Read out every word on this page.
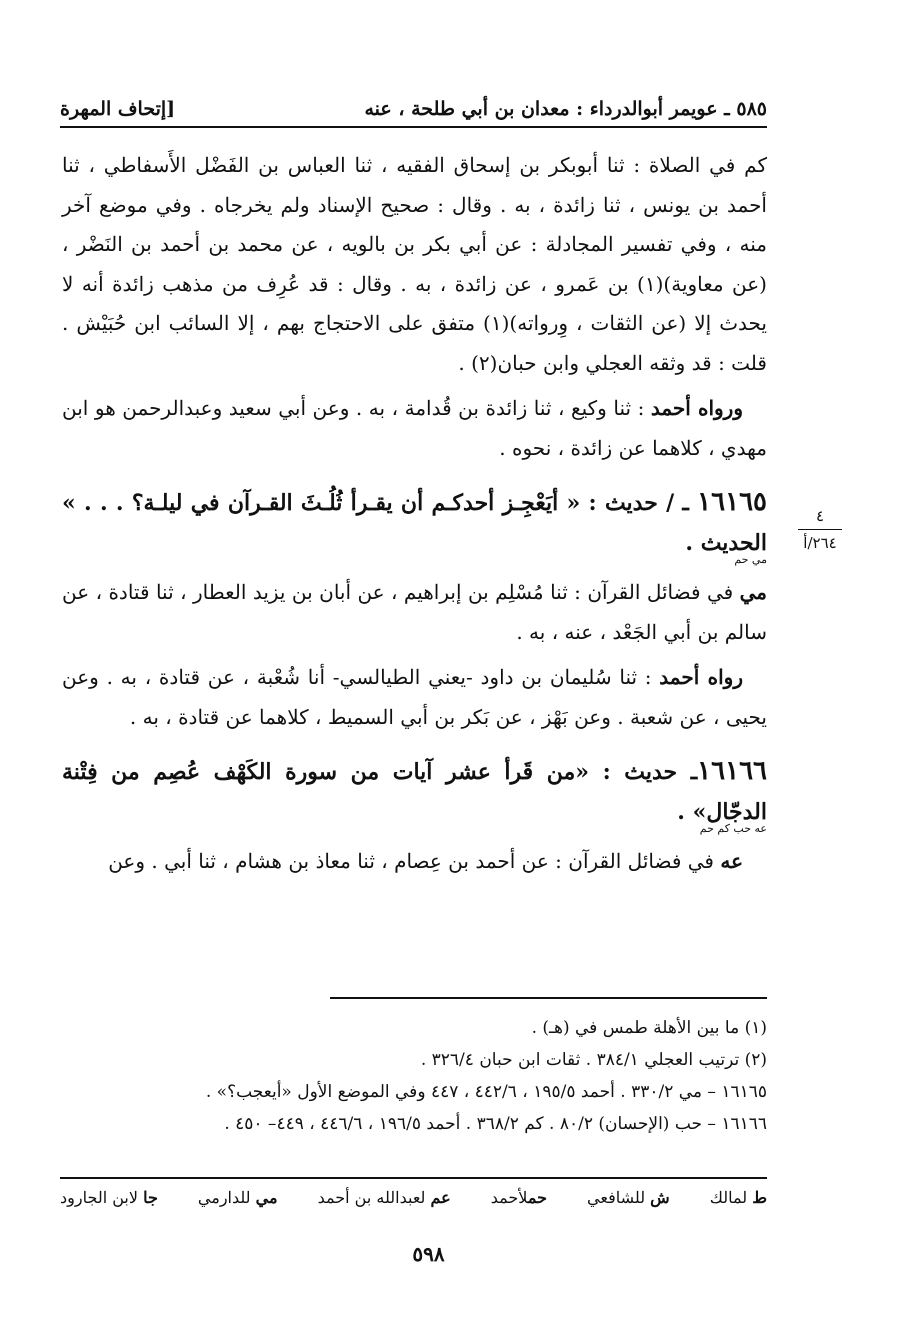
٥٨٥ ـ عويمر أبوالدرداء : معدان بن أبي طلحة ، عنه
[إتحاف المهرة

كم في الصلاة : ثنا أبوبكر بن إسحاق الفقيه ، ثنا العباس بن الفَضْل الأَسفاطي ، ثنا أحمد بن يونس ، ثنا زائدة ، به . وقال : صحيح الإسناد ولم يخرجاه . وفي موضع آخر منه ، وفي تفسير المجادلة : عن أبي بكر بن بالويه ، عن محمد بن أحمد بن النَضْر ، (عن معاوية)(١) بن عَمرو ، عن زائدة ، به . وقال : قد عُرِف من مذهب زائدة أنه لا يحدث إلا (عن الثقات ، وِرواته)(١) متفق على الاحتجاج بهم ، إلا السائب ابن حُبَيْش . قلت : قد وثقه العجلي وابن حبان(٢) .

ورواه أحمد : ثنا وكيع ، ثنا زائدة بن قُدامة ، به . وعن أبي سعيد وعبدالرحمن هو ابن مهدي ، كلاهما عن زائدة ، نحوه .

١٦١٦٥ ـ / حديث : « أيَعْجِـز أحدكـم أن يقـرأ ثُلُـثَ القـرآن في ليلـة؟ . . . » الحديث .
مي حم

مي في فضائل القرآن : ثنا مُسْلِم بن إبراهيم ، عن أبان بن يزيد العطار ، ثنا قتادة ، عن سالم بن أبي الجَعْد ، عنه ، به .

رواه أحمد : ثنا سُليمان بن داود -يعني الطيالسي- أنا شُعْبة ، عن قتادة ، به . وعن يحيى ، عن شعبة . وعن بَهْز ، عن بَكر بن أبي السميط ، كلاهما عن قتادة ، به .

١٦١٦٦ـ حديث : «من قَرأ عشر آيات من سورة الكَهْف عُصِم من فِتْنة الدجّال» .
عه حب كم حم

عه في فضائل القرآن : عن أحمد بن عِصام ، ثنا معاذ بن هشام ، ثنا أبي . وعن

٤
٢٦٤/أ
(١) ما بين الأهلة طمس في (هـ) .
(٢) ترتيب العجلي ٣٨٤/١ . ثقات ابن حبان ٣٢٦/٤ .
١٦١٦٥ – مي ٣٣٠/٢ . أحمد ١٩٥/٥ ، ٤٤٢/٦ ، ٤٤٧ وفي الموضع الأول «أيعجب؟» .
١٦١٦٦ – حب (الإحسان) ٨٠/٢ . كم ٣٦٨/٢ . أحمد ١٩٦/٥ ، ٤٤٦/٦ ، ٤٤٩– ٤٥٠ .
ط لمالك
ش للشافعي
حملأحمد
عم لعبدالله بن أحمد
مي للدارمي
جا لابن الجارود
٥٩٨
